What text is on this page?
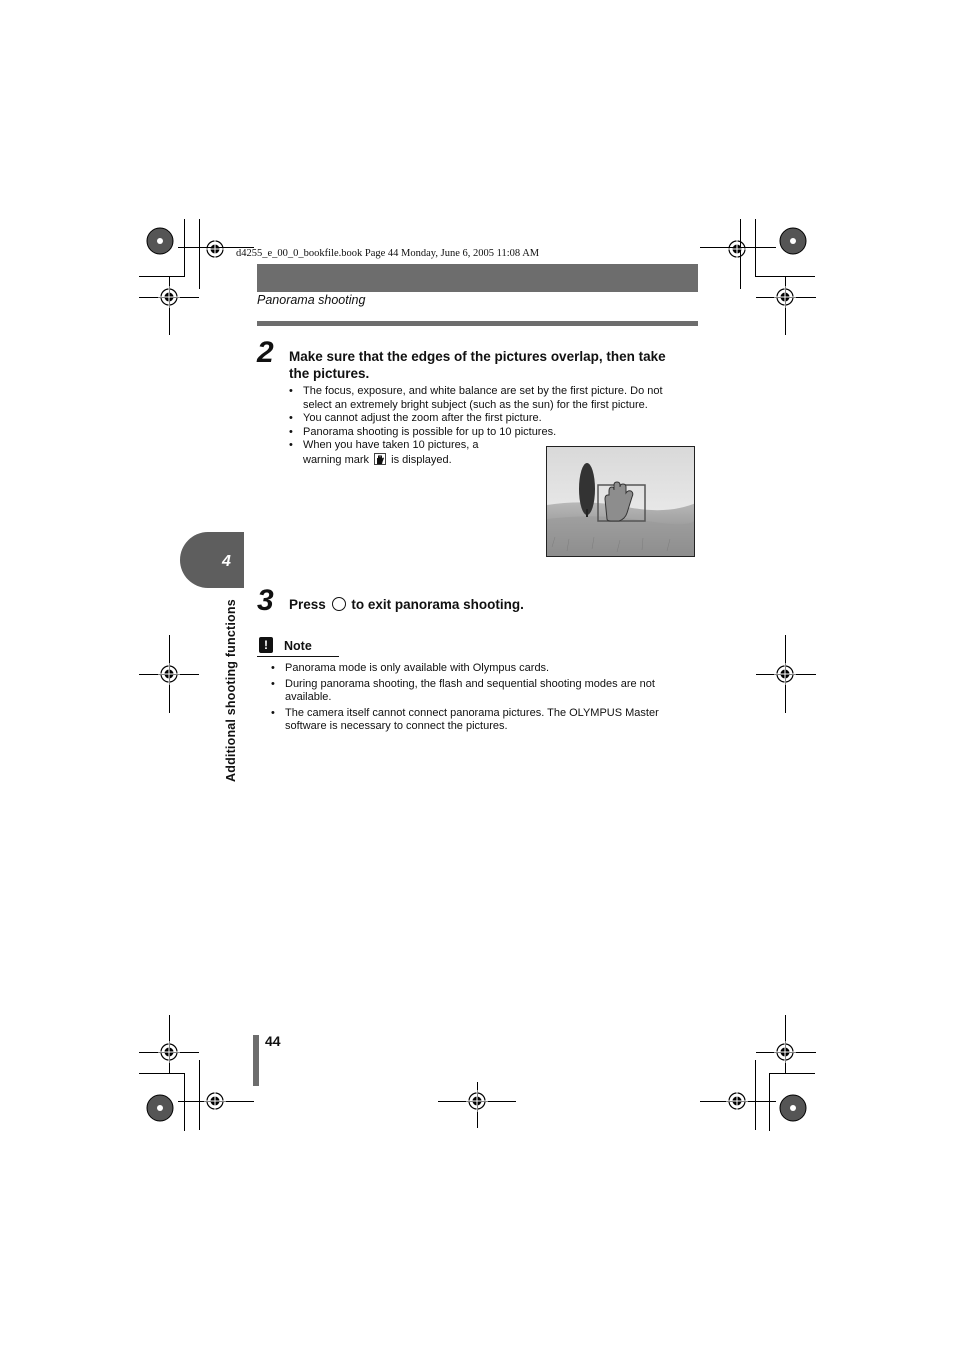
d4255_e_00_0_bookfile.book Page 44 Monday, June 6, 2005 11:08 AM
Panorama shooting
2 Make sure that the edges of the pictures overlap, then take
the pictures.
• The focus, exposure, and white balance are set by the first picture. Do not
select an extremely bright subject (such as the sun) for the first picture.
• You cannot adjust the zoom after the first picture.
• Panorama shooting is possible for up to 10 pictures.
• When you have taken 10 pictures, a
warning mark is displayed.
4
Additional shooting functions 3 Press to exit panorama shooting.
!	Note
• Panorama mode is only available with Olympus cards.
• During panorama shooting, the flash and sequential shooting modes are not
available.
• The camera itself cannot connect panorama pictures. The OLYMPUS Master
software is necessary to connect the pictures.
44
